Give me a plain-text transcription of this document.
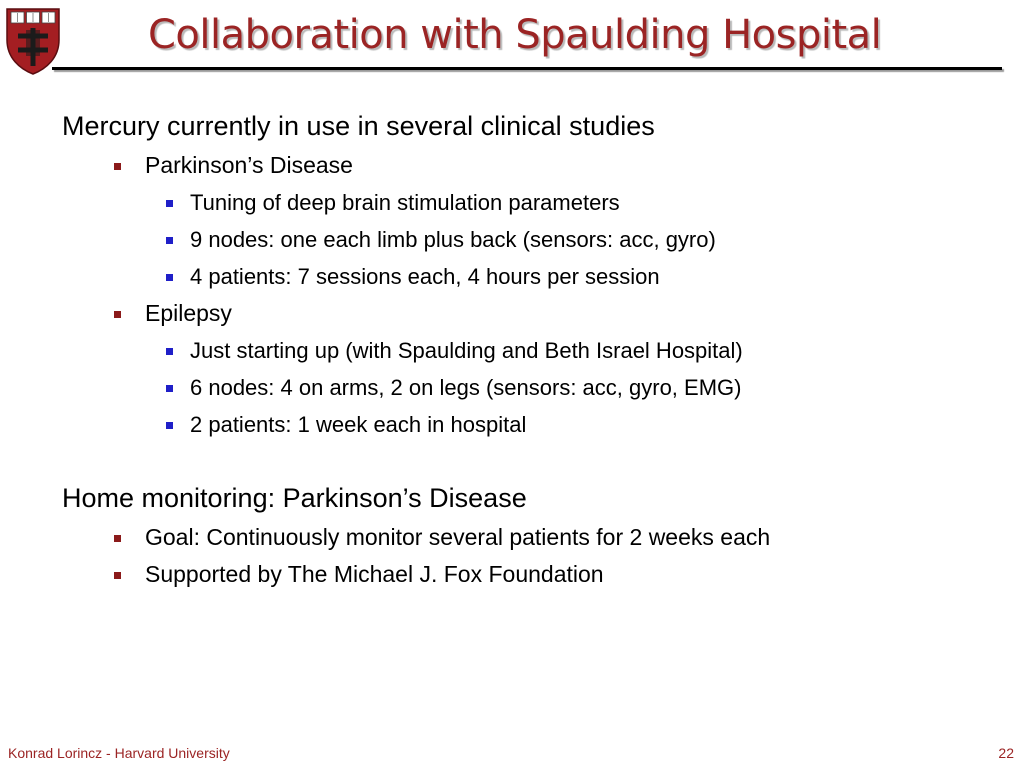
Collaboration with Spaulding Hospital
Mercury currently in use in several clinical studies
Parkinson’s Disease
Tuning of deep brain stimulation parameters
9 nodes: one each limb plus back (sensors: acc, gyro)
4 patients: 7 sessions each, 4 hours per session
Epilepsy
Just starting up (with Spaulding and Beth Israel Hospital)
6 nodes: 4 on arms, 2 on legs (sensors: acc, gyro, EMG)
2 patients: 1 week each in hospital
Home monitoring: Parkinson’s Disease
Goal: Continuously monitor several patients for 2 weeks each
Supported by The Michael J. Fox Foundation
Konrad Lorincz - Harvard University	22
